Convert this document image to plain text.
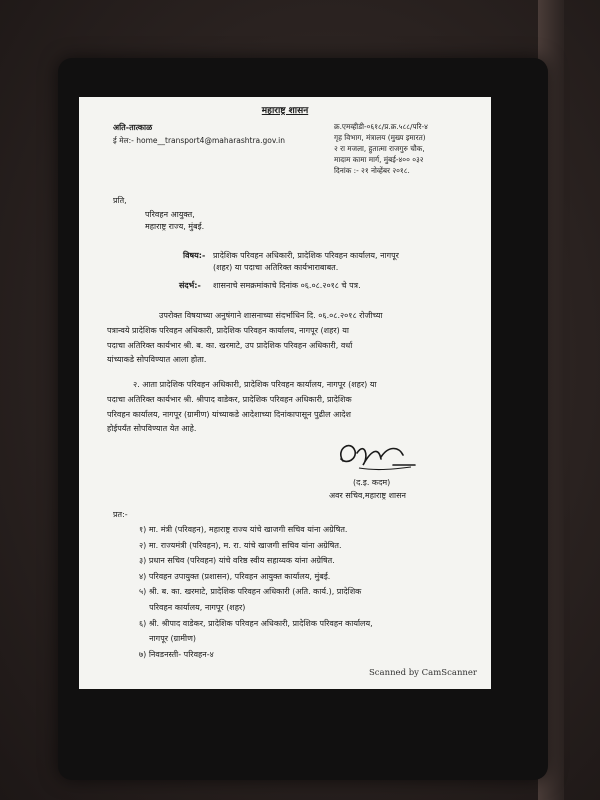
महाराष्ट्र शासन
अति-तात्काळ
ई मेल:- home__transport4@maharashtra.gov.in
क्र.एमव्हीडी-०६१८/प्र.क्र.५८८/परि-४
गृह विभाग, मंत्रालय (मुख्य इमारत)
२ रा मजला, हुतात्मा राजगुरु चौक,
मादाम कामा मार्ग, मुंबई-४०० ०३२
दिनांक :- २१ नोव्हेंबर २०१८.
प्रति,
परिवहन आयुक्त,
महाराष्ट्र राज्य, मुंबई.
विषय:- प्रादेशिक परिवहन अधिकारी, प्रादेशिक परिवहन कार्यालय, नागपूर
(शहर) या पदाचा अतिरिक्त कार्यभाराबाबत.
संदर्भ:- शासनाचे समक्रमांकाचे दिनांक ०६.०८.२०१८ चे पत्र.
उपरोक्त विषयाच्या अनुषंगाने शासनाच्या संदर्भाधिन दि. ०६.०८.२०१८ रोजीच्या
पत्रान्वये प्रादेशिक परिवहन अधिकारी, प्रादेशिक परिवहन कार्यालय, नागपूर (शहर) या
पदाचा अतिरिक्त कार्यभार श्री. ब. का. खरमाटे, उप प्रादेशिक परिवहन अधिकारी, वर्धा
यांच्याकडे सोपविण्यात आला होता.
२. आता प्रादेशिक परिवहन अधिकारी, प्रादेशिक परिवहन कार्यालय, नागपूर (शहर) या
पदाचा अतिरिक्त कार्यभार श्री. श्रीपाद वाडेकर, प्रादेशिक परिवहन अधिकारी, प्रादेशिक
परिवहन कार्यालय, नागपूर (ग्रामीण) यांच्याकडे आदेशाच्या दिनांकापासून पुढील आदेश
होईपर्यंत सोपविण्यात येत आहे.
(द.इ. कदम)
अवर सचिव,महाराष्ट्र शासन
प्रत:-
१) मा. मंत्री (परिवहन), महाराष्ट्र राज्य यांचे खाजगी सचिव यांना अग्रेषित.
२) मा. राज्यमंत्री (परिवहन), म. रा. यांचे खाजगी सचिव यांना अग्रेषित.
३) प्रधान सचिव (परिवहन) यांचे वरिष्ठ स्वीय सहाय्यक यांना अग्रेषित.
४) परिवहन उपायुक्त (प्रशासन), परिवहन आयुक्त कार्यालय, मुंबई.
५) श्री. ब. का. खरमाटे, प्रादेशिक परिवहन अधिकारी (अति. कार्य.), प्रादेशिक
परिवहन कार्यालय, नागपूर (शहर)
६) श्री. श्रीपाद वाडेकर, प्रादेशिक परिवहन अधिकारी, प्रादेशिक परिवहन कार्यालय,
नागपूर (ग्रामीण)
७) निवडनस्ती- परिवहन-४
Scanned by CamScanner
